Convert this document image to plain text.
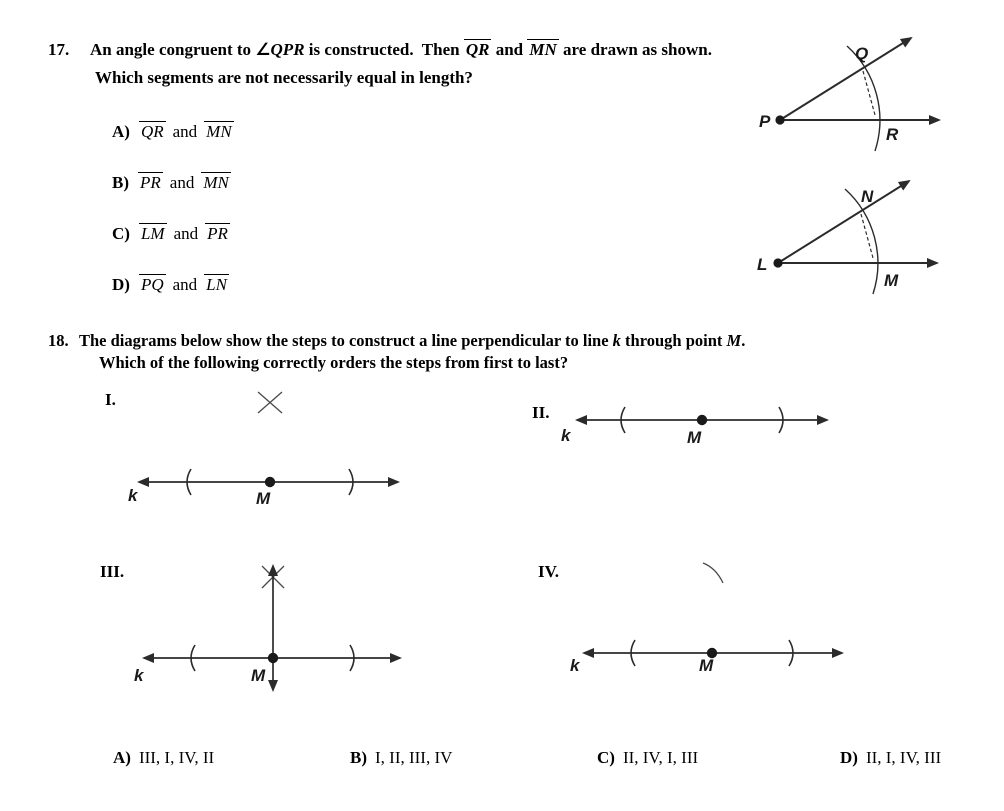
17.	An angle congruent to ∠QPR is constructed.  Then QR and MN are drawn as shown.
Which segments are not necessarily equal in length?
A) QR and MN
B) PR and MN
C) LM and PR
D) PQ and LN
P
Q
R
L
N
M
18. The diagrams below show the steps to construct a line perpendicular to line k through point M.
Which of the following correctly orders the steps from first to last?
I.
k	M
II.
k	M
III.
k	M
IV.
k	M
A) III, I, IV, II	B) I, II, III, IV	C) II, IV, I, III	D) II, I, IV, III
